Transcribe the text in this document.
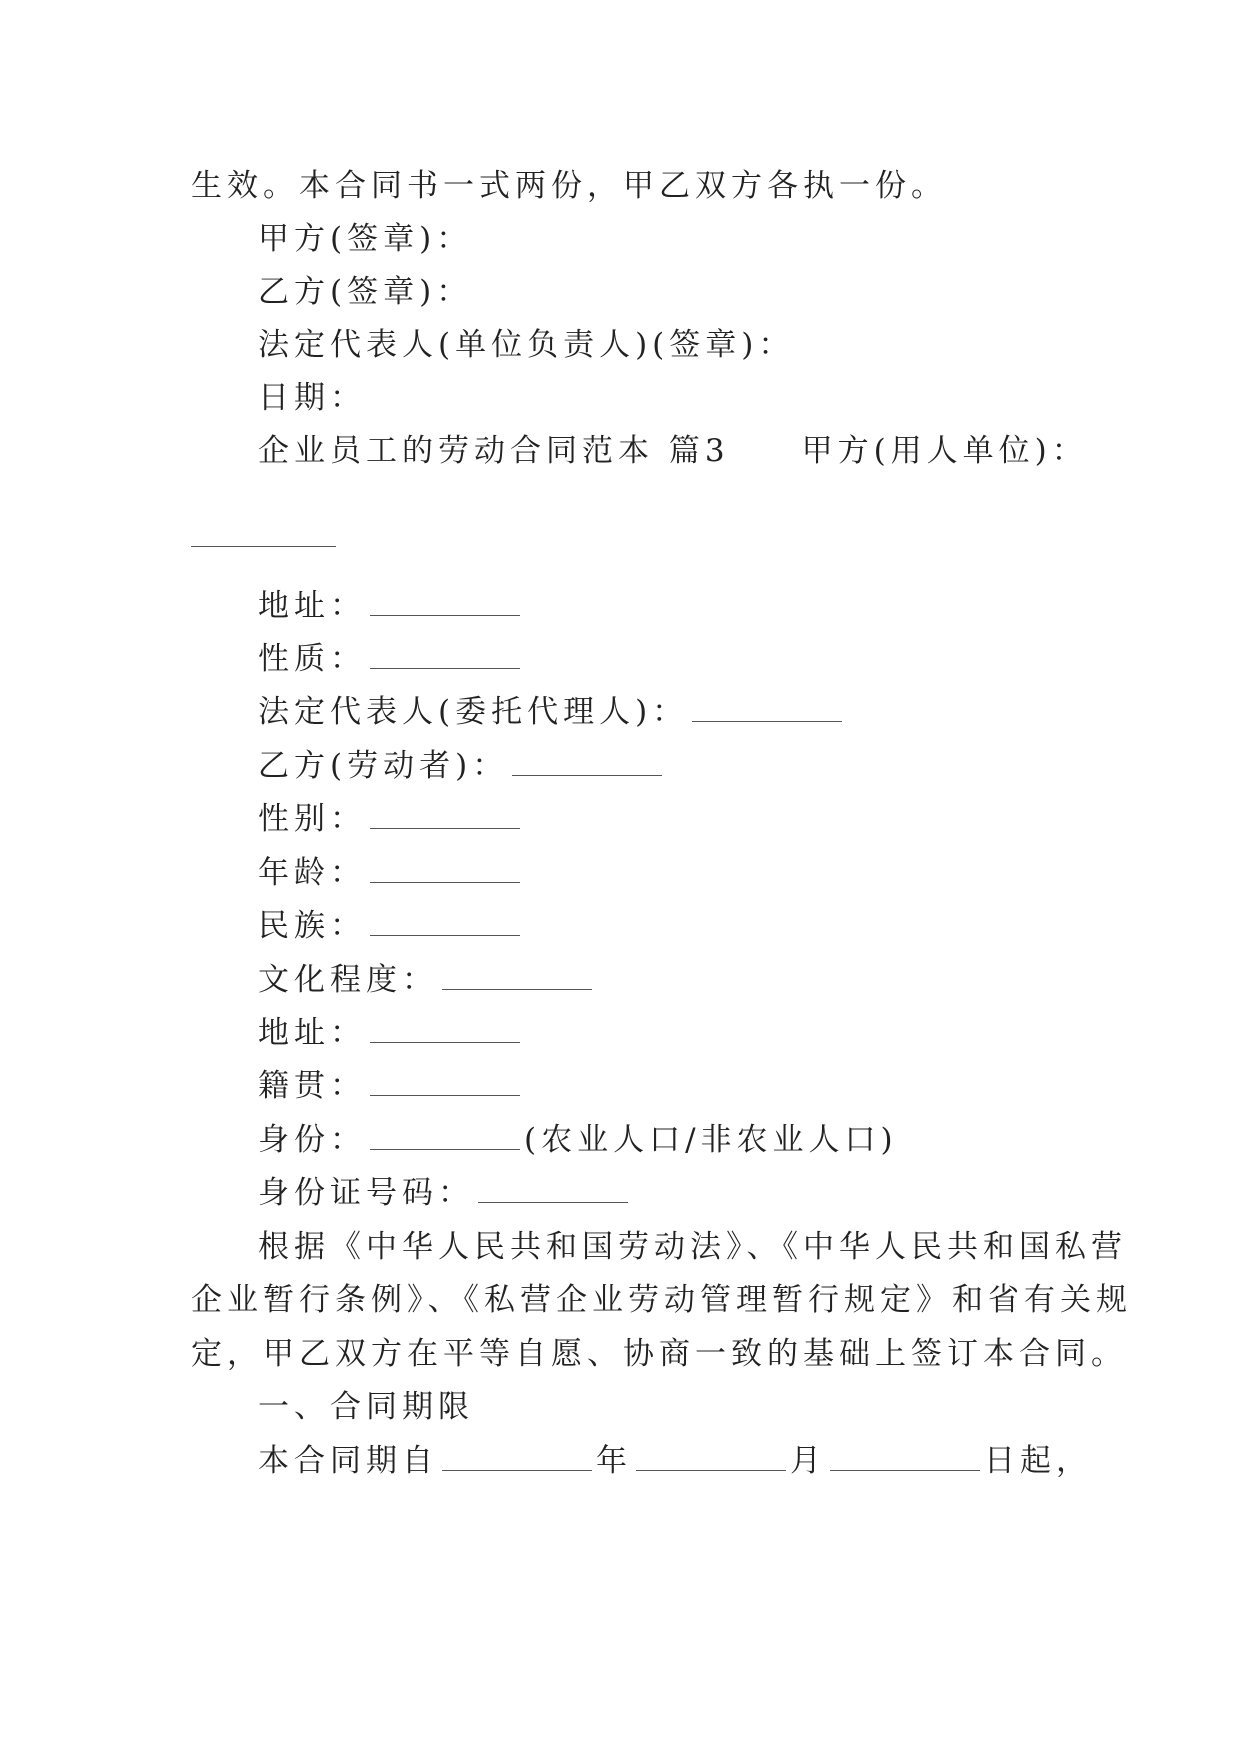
生效。本合同书一式两份，甲乙双方各执一份。
甲方(签章)：
乙方(签章)：
法定代表人(单位负责人)(签章)：
日期：
企业员工的劳动合同范本 篇3 甲方(用人单位)：
地址：
性质：
法定代表人(委托代理人)：
乙方(劳动者)：
性别：
年龄：
民族：
文化程度：
地址：
籍贯：
身份：	(农业人口/非农业人口)
身份证号码：
根据《中华人民共和国劳动法》、《中华人民共和国私营
企业暂行条例》、《私营企业劳动管理暂行规定》和省有关规
定，甲乙双方在平等自愿、协商一致的基础上签订本合同。
一、合同期限
本合同期自	年	月	日起，
